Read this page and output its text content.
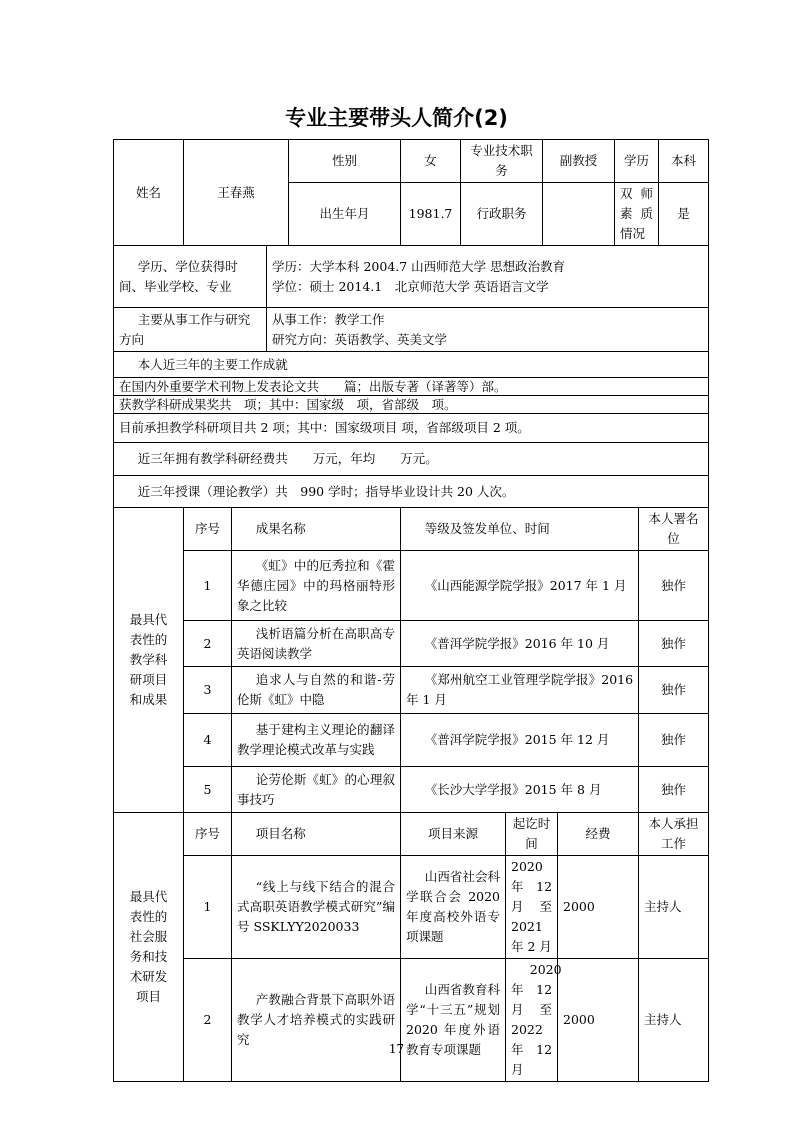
专业主要带头人简介(2)
姓名	王春燕			性别	女	专业技术职务		副教授		学历		本科
				出生年月	1981.7	行政职务				双师素质情况		是
学历、学位获得时间、毕业学校、专业			学历：大学本科 2004.7 山西师范大学 思想政治教育
学位：硕士 2014.1　北京师范大学 英语语言文学									

主要从事工作与研究方向			从事工作：教学工作
研究方向：英语教学、英美文学									

本人近三年的主要工作成就												
在国内外重要学术刊物上发表论文共　　篇；出版专著（译著等）部。												
获教学科研成果奖共　项；其中：国家级　项，省部级　项。												
目前承担教学科研项目共 2 项；其中：国家级项目 项，省部级项目 2 项。												
近三年拥有教学科研经费共　　万元，年均　　万元。												
近三年授课（理论教学）共　990 学时；指导毕业设计共 20 人次。												
最具代表性的教学科研项目和成果	序号	成果名称			等级及签发单位、时间						本人署名位	
	1	《虹》中的厄秀拉和《霍华德庄园》中的玛格丽特形象之比较			《山西能源学院学报》2017 年 1 月						独作	
	2	浅析语篇分析在高职高专英语阅读教学			《普洱学院学报》2016 年 10 月						独作	
	3	追求人与自然的和谐-劳伦斯《虹》中隐			《郑州航空工业管理学院学报》2016 年 1 月						独作	
	4	基于建构主义理论的翻译教学理论模式改革与实践			《普洱学院学报》2015 年 12 月						独作	
	5	论劳伦斯《虹》的心理叙事技巧			《长沙大学学报》2015 年 8 月						独作	
最具代表性的社会服务和技术研发项目	序号	项目名称			项目来源		起讫时间		经费		本人承担工作	
	1	“线上与线下结合的混合式高职英语教学模式研究”编号 SSKLYY2020033			山西省社会科学联合会 2020 年度高校外语专项课题		2020 年 12 月至 2021 年 2 月		2000		主持人	
	2	产教融合背景下高职外语教学人才培养模式的实践研究			山西省教育科学“十三五”规划 2020 年度外语教育专项课题		2020 年 12 月至 2022 年 12 月		2000		主持人	
17
